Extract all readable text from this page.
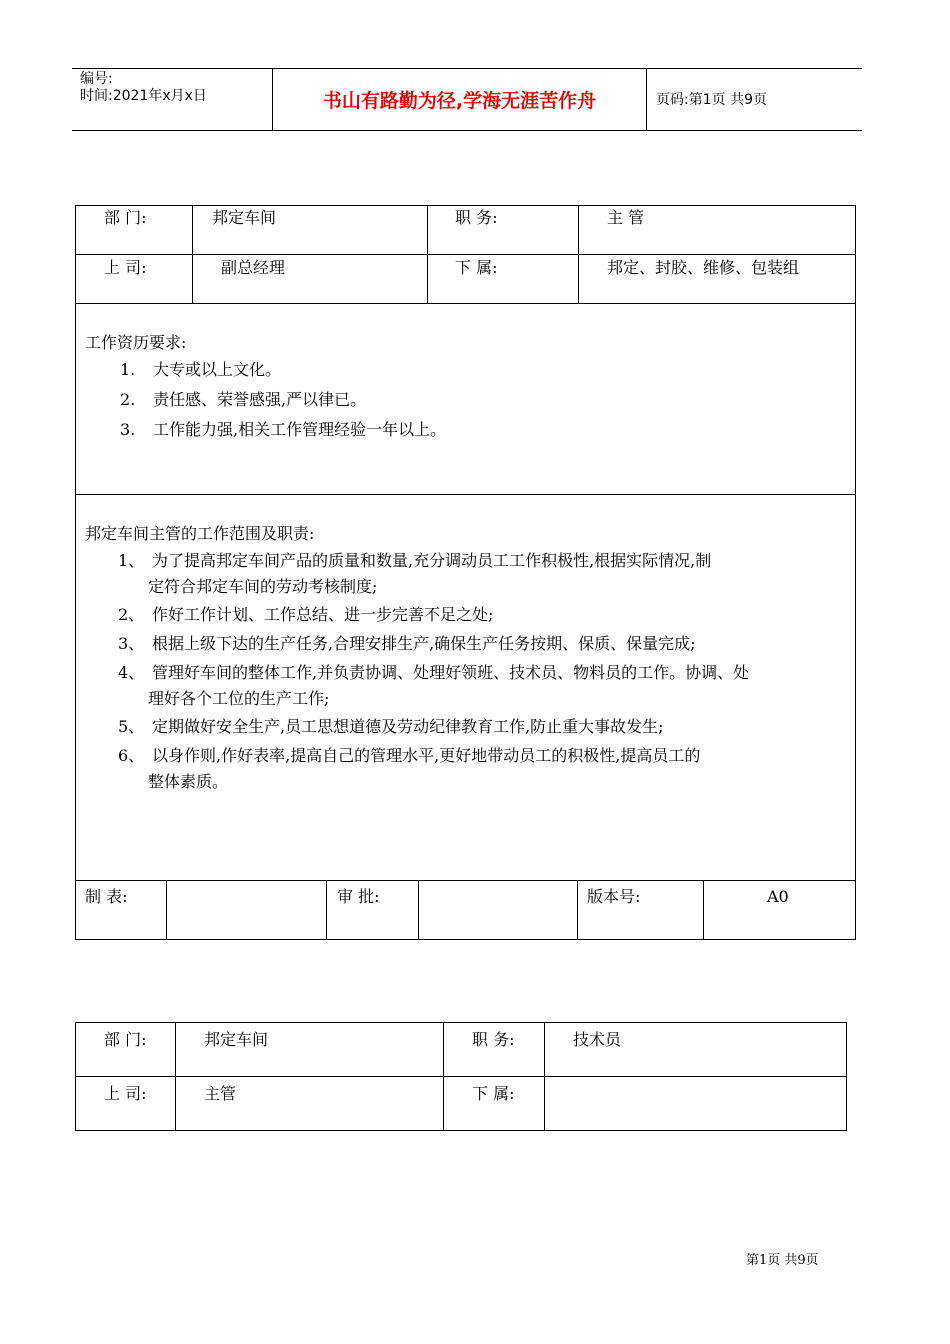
编号:
时间:2021年x月x日	书山有路勤为径,学海无涯苦作舟	页码:第1页 共9页
部 门:	邦定车间	职 务:	主 管
上 司:	副总经理	下 属:	邦定、封胶、维修、包装组
工作资历要求:
1. 大专或以上文化。
2. 责任感、荣誉感强,严以律已。
3. 工作能力强,相关工作管理经验一年以上。
邦定车间主管的工作范围及职责:
1、 为了提高邦定车间产品的质量和数量,充分调动员工工作积极性,根据实际情况,制
定符合邦定车间的劳动考核制度;
2、 作好工作计划、工作总结、进一步完善不足之处;
3、 根据上级下达的生产任务,合理安排生产,确保生产任务按期、保质、保量完成;
4、 管理好车间的整体工作,并负责协调、处理好领班、技术员、物料员的工作。协调、处
理好各个工位的生产工作;
5、 定期做好安全生产,员工思想道德及劳动纪律教育工作,防止重大事故发生;
6、 以身作则,作好表率,提高自己的管理水平,更好地带动员工的积极性,提高员工的
整体素质。
制 表:	审 批:	版本号:	A0
部 门:	邦定车间	职 务:	技术员
上 司:	主管	下 属:
第1页 共9页
